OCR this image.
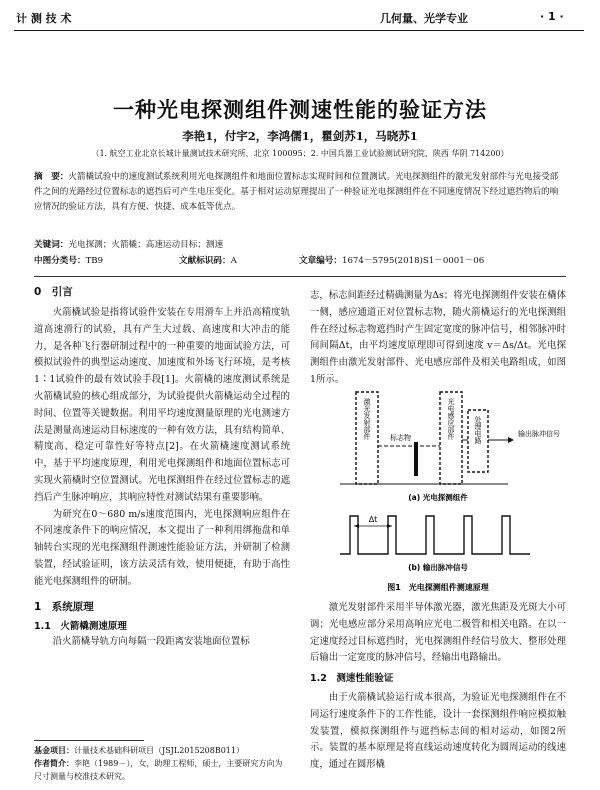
计 测 技 术	几何量、光学专业	· 1 ·
一种光电探测组件测速性能的验证方法
李艳1，付宇2，李鸿儒1，瞿剑苏1，马晓苏1
（1. 航空工业北京长城计量测试技术研究所，北京 100095；2. 中国兵器工业试验测试研究院，陕西 华阴 714200）
摘　要：火箭橇试验中的速度测试系统利用光电探测组件和地面位置标志实现时间和位置测试。光电探测组件的激光发射部件与光电接受部件之间的光路经过位置标志的遮挡后可产生电压变化。基于相对运动原理提出了一种验证光电探测组件在不同速度情况下经过遮挡物后的响应情况的验证方法，具有方便、快捷、成本低等优点。
关键词：光电探测；火箭橇；高速运动目标；测速
中图分类号：TB9	文献标识码：A	文章编号：1674－5795(2018)S1－0001－06
0　引言

火箭橇试验是指将试验件安装在专用滑车上并沿高精度轨道高速滑行的试验，具有产生大过载、高速度和大冲击的能力，是各种飞行器研制过程中的一种重要的地面试验方法，可模拟试验件的典型运动速度、加速度和外场飞行环境，是考核1∶1试验件的最有效试验手段[1]。火箭橇的速度测试系统是火箭橇试验的核心组成部分，为试验提供火箭橇运动全过程的时间、位置等关键数据。利用平均速度测量原理的光电测速方法是测量高速运动目标速度的一种有效方法，具有结构简单、精度高、稳定可靠性好等特点[2]。在火箭橇速度测试系统中，基于平均速度原理，利用光电探测组件和地面位置标志可实现火箭橇时空位置测试。光电探测组件在经过位置标志的遮挡后产生脉冲响应，其响应特性对测试结果有重要影响。

为研究在0～680 m/s速度范围内，光电探测响应组件在不同速度条件下的响应情况，本文提出了一种利用绑拖盘和单轴转台实现的光电探测组件测速性能验证方法，并研制了检测装置，经试验证明，该方法灵活有效，使用便捷，有助于高性能光电探测组件的研制。

1　系统原理
1.1　火箭橇测速原理

沿火箭橇导轨方向每隔一段距离安装地面位置标

基金项目：计量技术基础科研项目（JSJL2015208B011）
作者简介：李艳（1989－），女，助理工程师，硕士，主要研究方向为尺寸测量与校准技术研究。

志，标志间距经过精确测量为Δs；将光电探测组件安装在橇体一侧，感应通道正对位置标志物，随火箭橇运行的光电探测组件在经过标志物遮挡时产生固定宽度的脉冲信号，相邻脉冲时间间隔Δt，由平均速度原理即可得到速度 v＝Δs/Δt。光电探测组件由激光发射部件、光电感应部件及相关电路组成，如图1所示。

激光发射部件	标志物	光电感应部件	处理电路	输出脉冲信号
(a) 光电探测组件
Δt
(b) 输出脉冲信号
图1　光电探测组件测速原理

激光发射部件采用半导体激光器，激光焦距及光斑大小可调；光电感应部分采用高响应光电二极管和相关电路。在以一定速度经过目标遮挡时，光电探测组件经信号放大、整形处理后输出一定宽度的脉冲信号，经输出电路输出。

1.2　测速性能验证

由于火箭橇试验运行成本很高，为验证光电探测组件在不同运行速度条件下的工作性能，设计一套探测组件响应模拟触发装置，模拟探测组件与遮挡标志间的相对运动，如图2所示。装置的基本原理是将直线运动速度转化为圆周运动的线速度，通过在圆形橇
